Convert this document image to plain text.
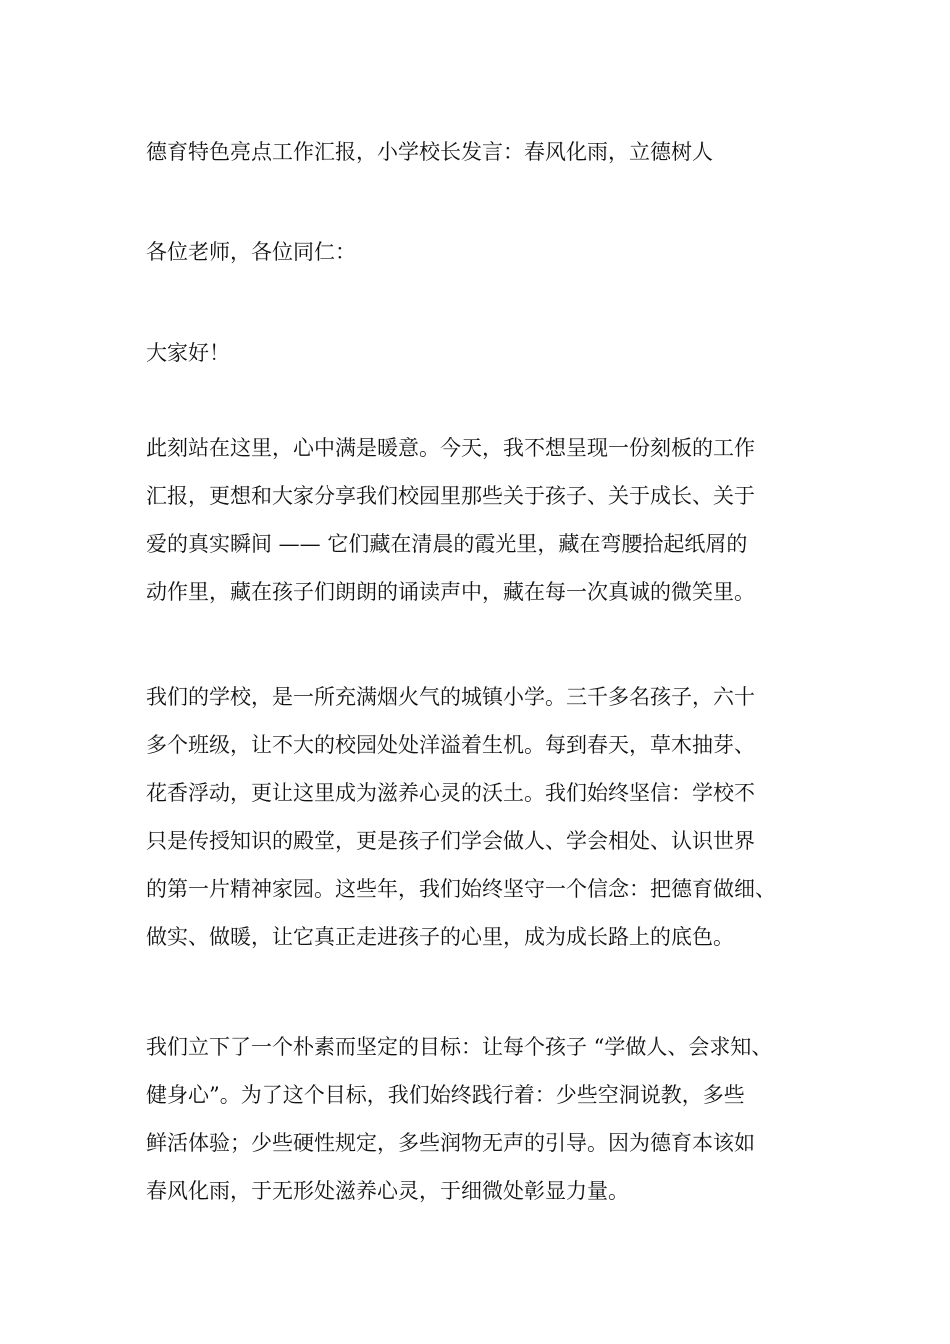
德育特色亮点工作汇报，小学校长发言：春风化雨，立德树人

各位老师，各位同仁：

大家好！

此刻站在这里，心中满是暖意。今天，我不想呈现一份刻板的工作
汇报，更想和大家分享我们校园里那些关于孩子、关于成长、关于
爱的真实瞬间 —— 它们藏在清晨的霞光里，藏在弯腰拾起纸屑的
动作里，藏在孩子们朗朗的诵读声中，藏在每一次真诚的微笑里。

我们的学校，是一所充满烟火气的城镇小学。三千多名孩子，六十
多个班级，让不大的校园处处洋溢着生机。每到春天，草木抽芽、
花香浮动，更让这里成为滋养心灵的沃土。我们始终坚信：学校不
只是传授知识的殿堂，更是孩子们学会做人、学会相处、认识世界
的第一片精神家园。这些年，我们始终坚守一个信念：把德育做细、
做实、做暖，让它真正走进孩子的心里，成为成长路上的底色。

我们立下了一个朴素而坚定的目标：让每个孩子 “学做人、会求知、
健身心”。为了这个目标，我们始终践行着：少些空洞说教，多些
鲜活体验；少些硬性规定，多些润物无声的引导。因为德育本该如
春风化雨，于无形处滋养心灵，于细微处彰显力量。
